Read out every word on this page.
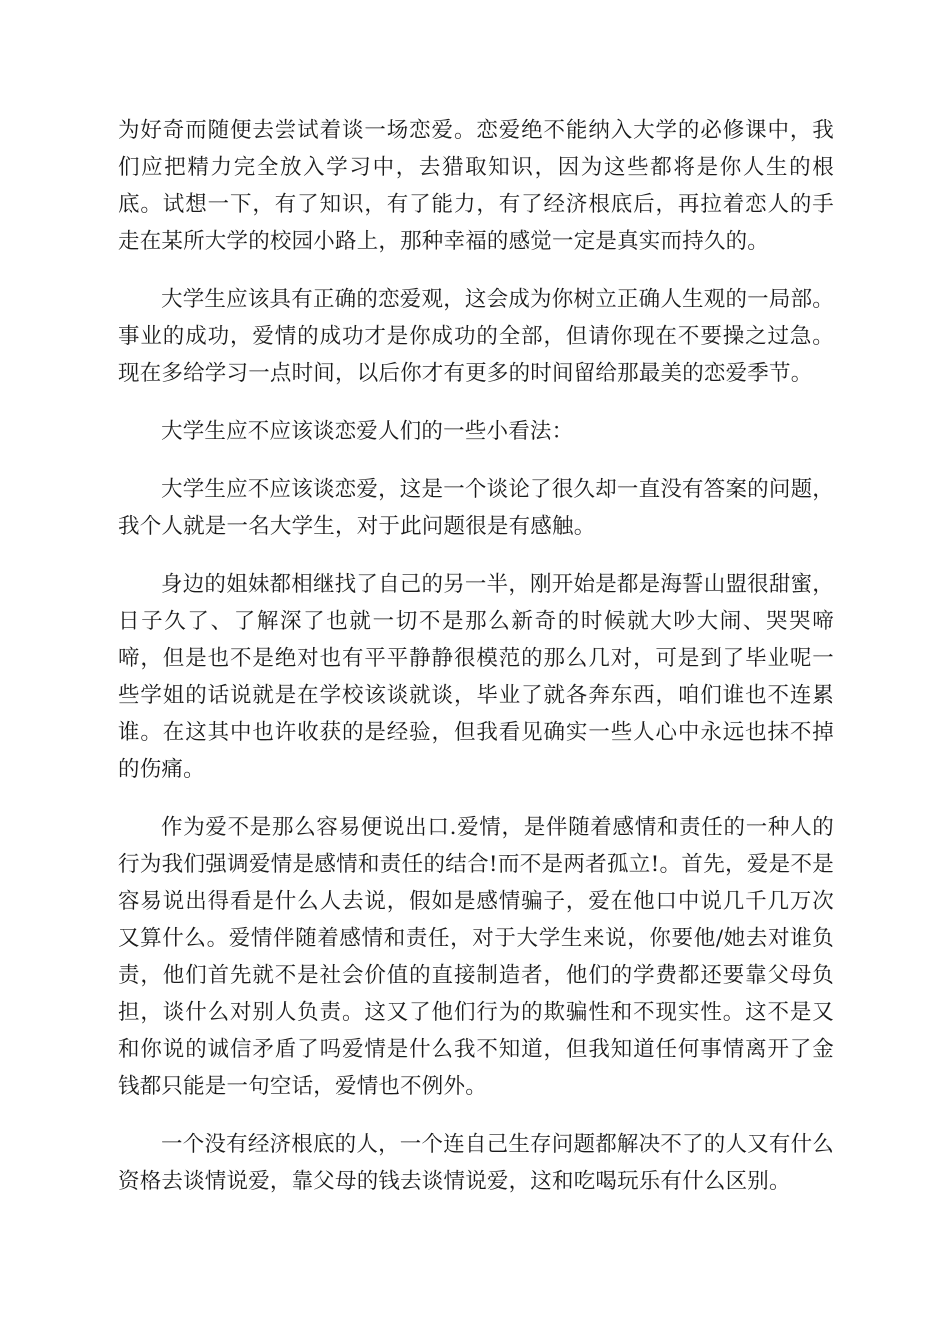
为好奇而随便去尝试着谈一场恋爱。恋爱绝不能纳入大学的必修课中，我们应把精力完全放入学习中，去猎取知识，因为这些都将是你人生的根底。试想一下，有了知识，有了能力，有了经济根底后，再拉着恋人的手走在某所大学的校园小路上，那种幸福的感觉一定是真实而持久的。

大学生应该具有正确的恋爱观，这会成为你树立正确人生观的一局部。事业的成功，爱情的成功才是你成功的全部，但请你现在不要操之过急。现在多给学习一点时间，以后你才有更多的时间留给那最美的恋爱季节。

大学生应不应该谈恋爱人们的一些小看法：

大学生应不应该谈恋爱，这是一个谈论了很久却一直没有答案的问题，我个人就是一名大学生，对于此问题很是有感触。

身边的姐妹都相继找了自己的另一半，刚开始是都是海誓山盟很甜蜜，日子久了、了解深了也就一切不是那么新奇的时候就大吵大闹、哭哭啼啼，但是也不是绝对也有平平静静很模范的那么几对，可是到了毕业呢一些学姐的话说就是在学校该谈就谈，毕业了就各奔东西，咱们谁也不连累谁。在这其中也许收获的是经验，但我看见确实一些人心中永远也抹不掉的伤痛。

作为爱不是那么容易便说出口.爱情，是伴随着感情和责任的一种人的行为我们强调爱情是感情和责任的结合!而不是两者孤立!。首先，爱是不是容易说出得看是什么人去说，假如是感情骗子，爱在他口中说几千几万次又算什么。爱情伴随着感情和责任，对于大学生来说，你要他/她去对谁负责，他们首先就不是社会价值的直接制造者，他们的学费都还要靠父母负担，谈什么对别人负责。这又了他们行为的欺骗性和不现实性。这不是又和你说的诚信矛盾了吗爱情是什么我不知道，但我知道任何事情离开了金钱都只能是一句空话，爱情也不例外。

一个没有经济根底的人，一个连自己生存问题都解决不了的人又有什么资格去谈情说爱，靠父母的钱去谈情说爱，这和吃喝玩乐有什么区别。
